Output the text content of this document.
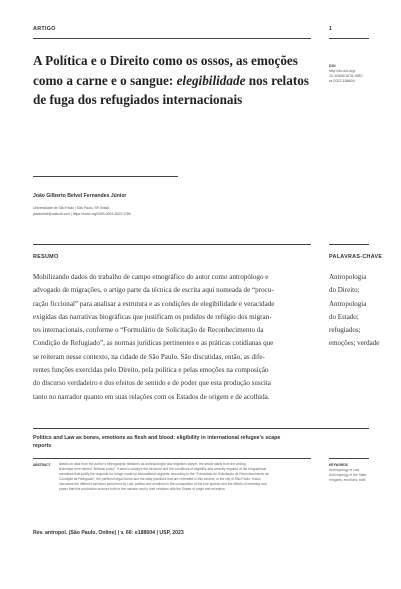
ARTIGO	1
A Política e o Direito como os ossos, as emoções como a carne e o sangue: elegibilidade nos relatos de fuga dos refugiados internacionais
DOI
http://dx.doi.org/
10.11606/1678-9857.
ra.2022.188604
João Gilberto Belvel Fernandes Júnior
Universidade de São Paulo | São Paulo, SP, Brasil
joaobelvel@outlook.com | https://orcid.org/0000-0003-3523-1785
RESUMO	PALAVRAS-CHAVE
Mobilizando dados do trabalho de campo etnográfico do autor como antropólogo e
advogado de migrações, o artigo parte da técnica de escrita aqui nomeada de “procu-
ração ficcional” para analisar a estrutura e as condições de elegibilidade e veracidade
exigidas das narrativas biográficas que justificam os pedidos de refúgio dos migran-
tes internacionais, conforme o “Formulário de Solicitação de Reconhecimento da
Condição de Refugiado”, as normas jurídicas pertinentes e as práticas cotidianas que
se reiteram nesse contexto, na cidade de São Paulo. São discutidas, então, as dife-
rentes funções exercidas pelo Direito, pela política e pelas emoções na composição
do discurso verdadeiro e dos efeitos de sentido e de poder que esta produção suscita
tanto no narrador quanto em suas relações com os Estados de origem e de acolhida.
Antropologia
do Direito;
Antropologia
do Estado;
refugiados;
emoções; verdade
Politics and Law as bones, emotions as flesh and blood: eligibility in international refugee’s scape
reports
ABSTRACT	Based on data from the author’s ethnographic fieldwork as anthropologist and migration lawyer, the article starts from the writing
technique here named “fictional proxy”. It aims to analyze the structure and the conditions of eligibility and veracity required of the biographical
narratives that justify the requests for refuge made by international migrants, according to the “Formulário de Solicitação de Reconhecimento da
Condição de Refugiado”, the pertinent legal norms and the daily practices that are reiterated in this context, in the city of São Paulo. It also
discusses the different functions performed by Law, politics and emotions in the composition of the true speech and the effects of meaning and
power that this production arouses both in the narrator and in their relations with the States of origin and reception.
KEYWORDS
Anthropology of Law;
Anthropology of the State;
refugees; emotions; truth
Rev. antropol. (São Paulo, Online) | v. 66: e188604 | USP, 2023
